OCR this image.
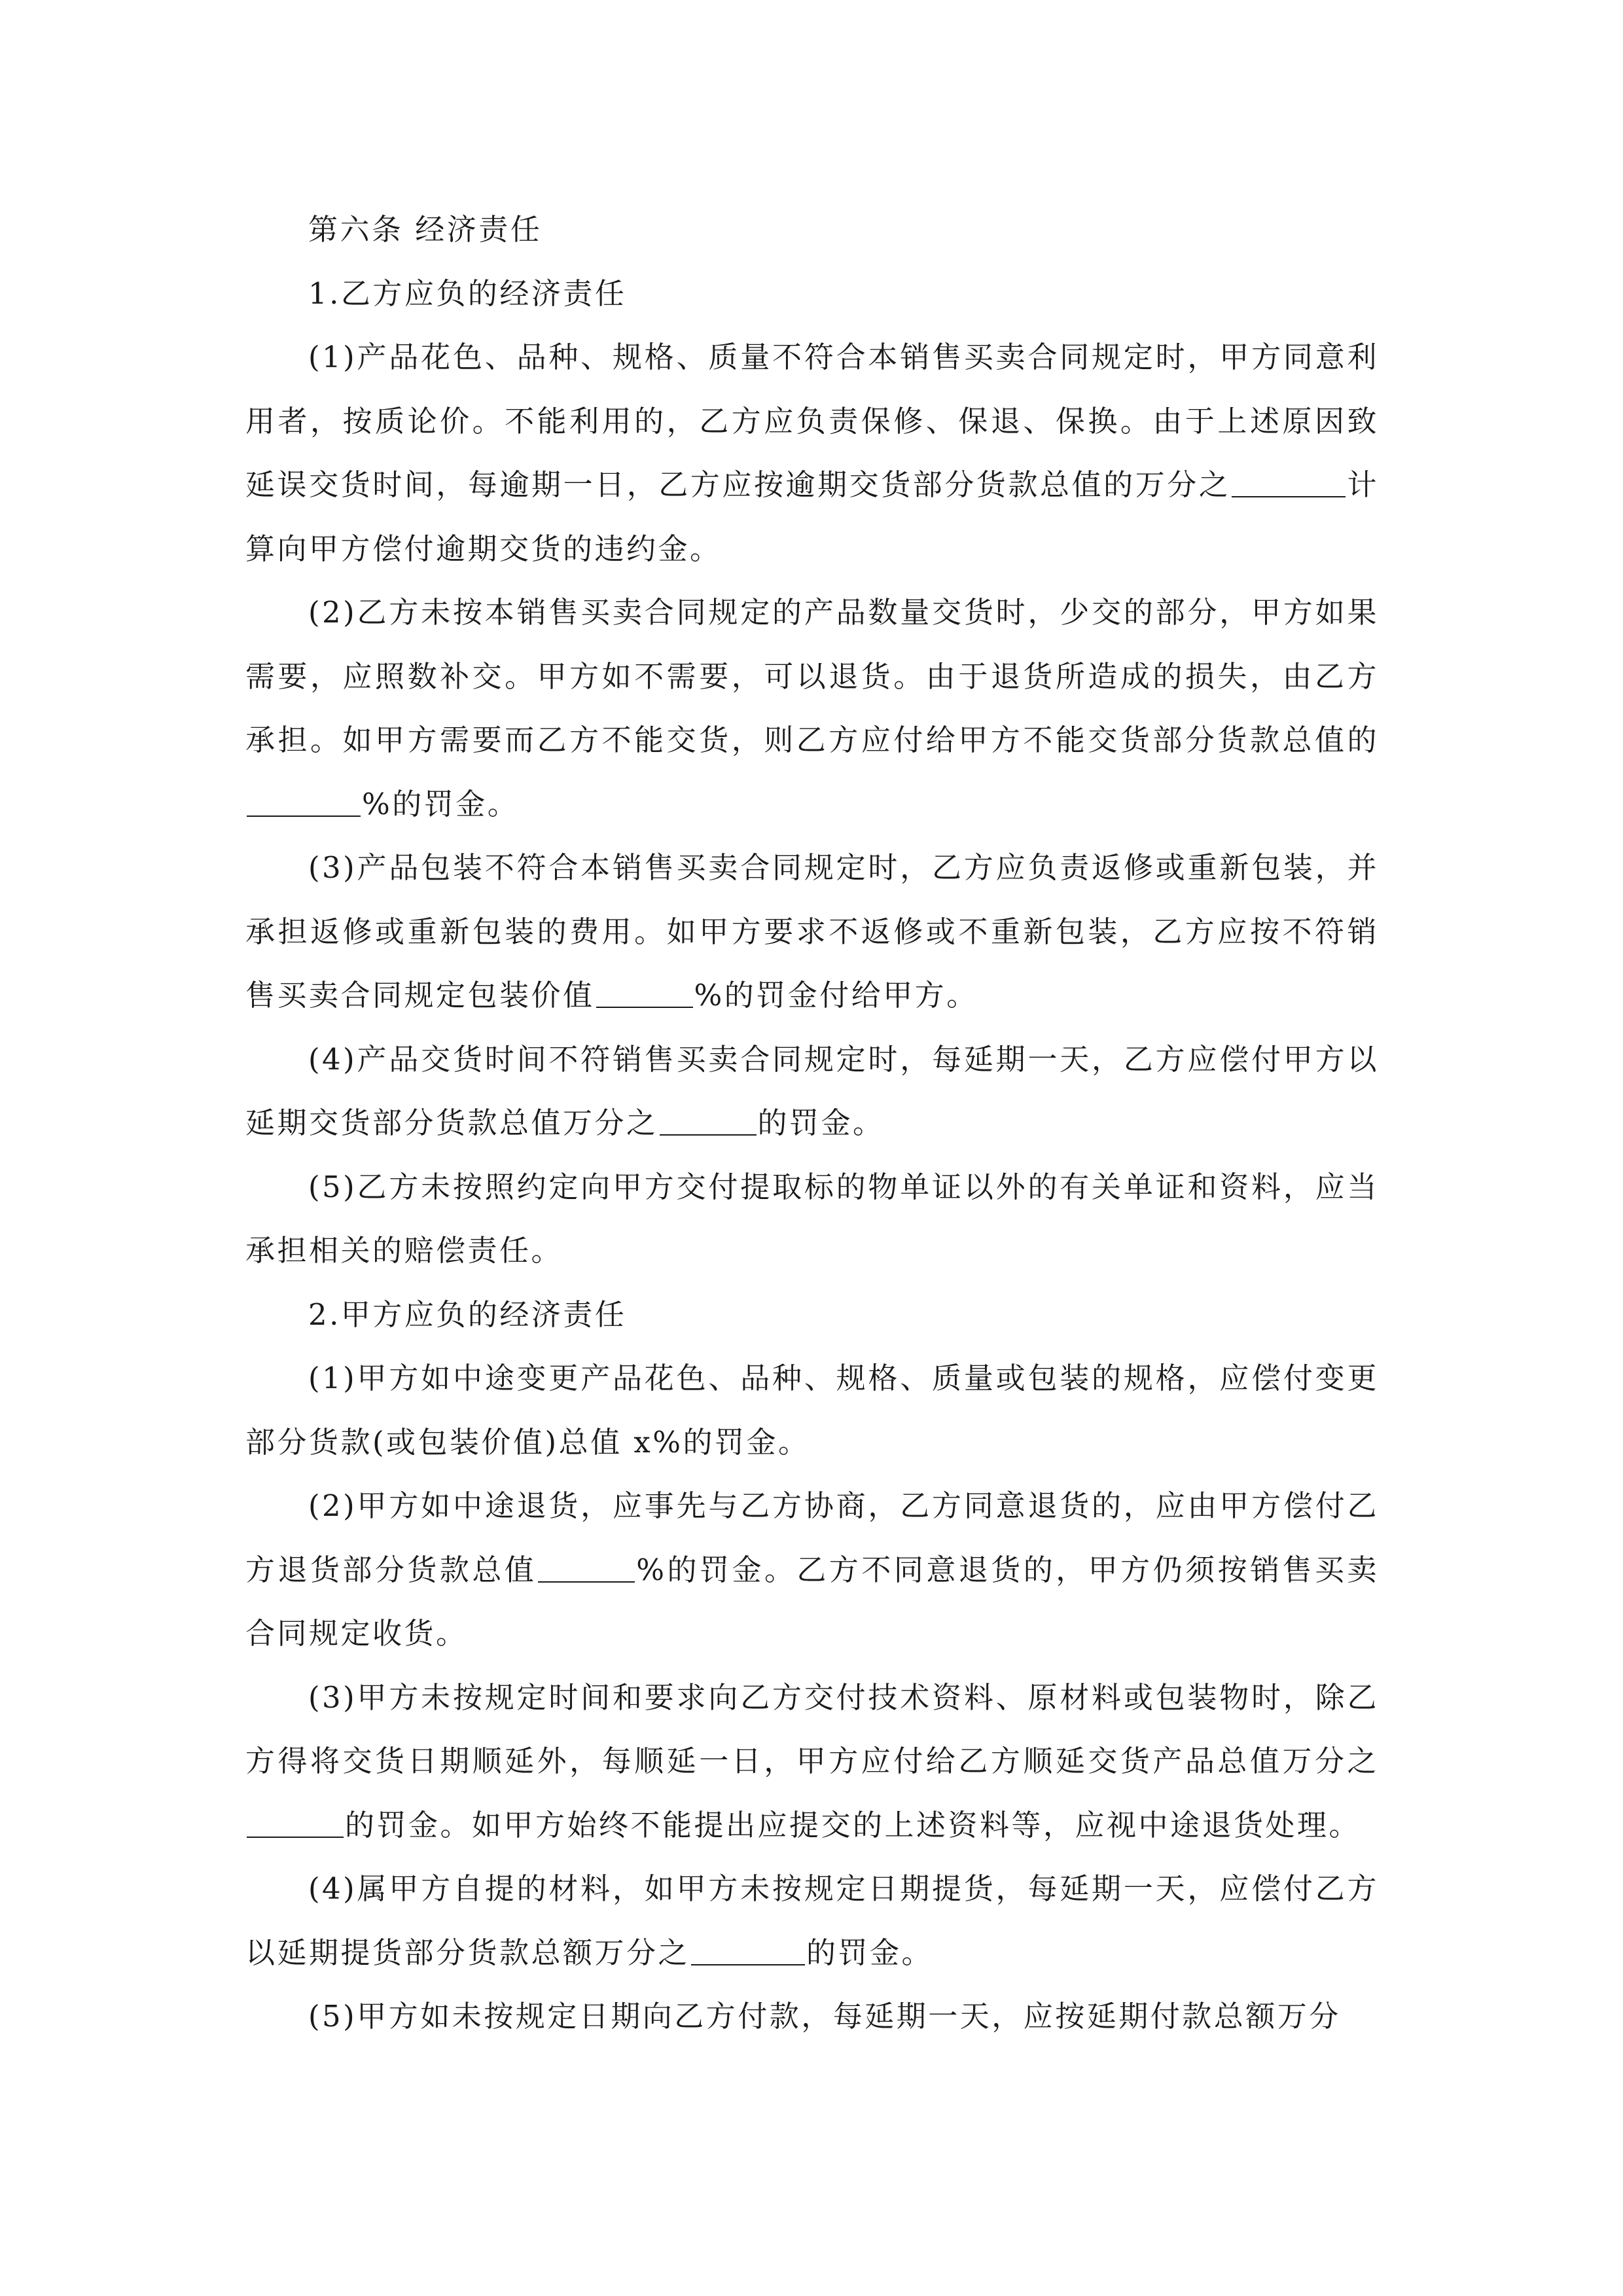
第六条 经济责任

1.乙方应负的经济责任

(1)产品花色、品种、规格、质量不符合本销售买卖合同规定时，甲方同意利用者，按质论价。不能利用的，乙方应负责保修、保退、保换。由于上述原因致延误交货时间，每逾期一日，乙方应按逾期交货部分货款总值的万分之	计算向甲方偿付逾期交货的违约金。

(2)乙方未按本销售买卖合同规定的产品数量交货时，少交的部分，甲方如果需要，应照数补交。甲方如不需要，可以退货。由于退货所造成的损失，由乙方承担。如甲方需要而乙方不能交货，则乙方应付给甲方不能交货部分货款总值的%的罚金。

(3)产品包装不符合本销售买卖合同规定时，乙方应负责返修或重新包装，并承担返修或重新包装的费用。如甲方要求不返修或不重新包装，乙方应按不符销售买卖合同规定包装价值	%的罚金付给甲方。

(4)产品交货时间不符销售买卖合同规定时，每延期一天，乙方应偿付甲方以延期交货部分货款总值万分之	的罚金。

(5)乙方未按照约定向甲方交付提取标的物单证以外的有关单证和资料，应当承担相关的赔偿责任。

2.甲方应负的经济责任

(1)甲方如中途变更产品花色、品种、规格、质量或包装的规格，应偿付变更部分货款(或包装价值)总值 x%的罚金。

(2)甲方如中途退货，应事先与乙方协商，乙方同意退货的，应由甲方偿付乙方退货部分货款总值	%的罚金。乙方不同意退货的，甲方仍须按销售买卖合同规定收货。

(3)甲方未按规定时间和要求向乙方交付技术资料、原材料或包装物时，除乙方得将交货日期顺延外，每顺延一日，甲方应付给乙方顺延交货产品总值万分之的罚金。如甲方始终不能提出应提交的上述资料等，应视中途退货处理。

(4)属甲方自提的材料，如甲方未按规定日期提货，每延期一天，应偿付乙方以延期提货部分货款总额万分之	的罚金。

(5)甲方如未按规定日期向乙方付款，每延期一天，应按延期付款总额万分
